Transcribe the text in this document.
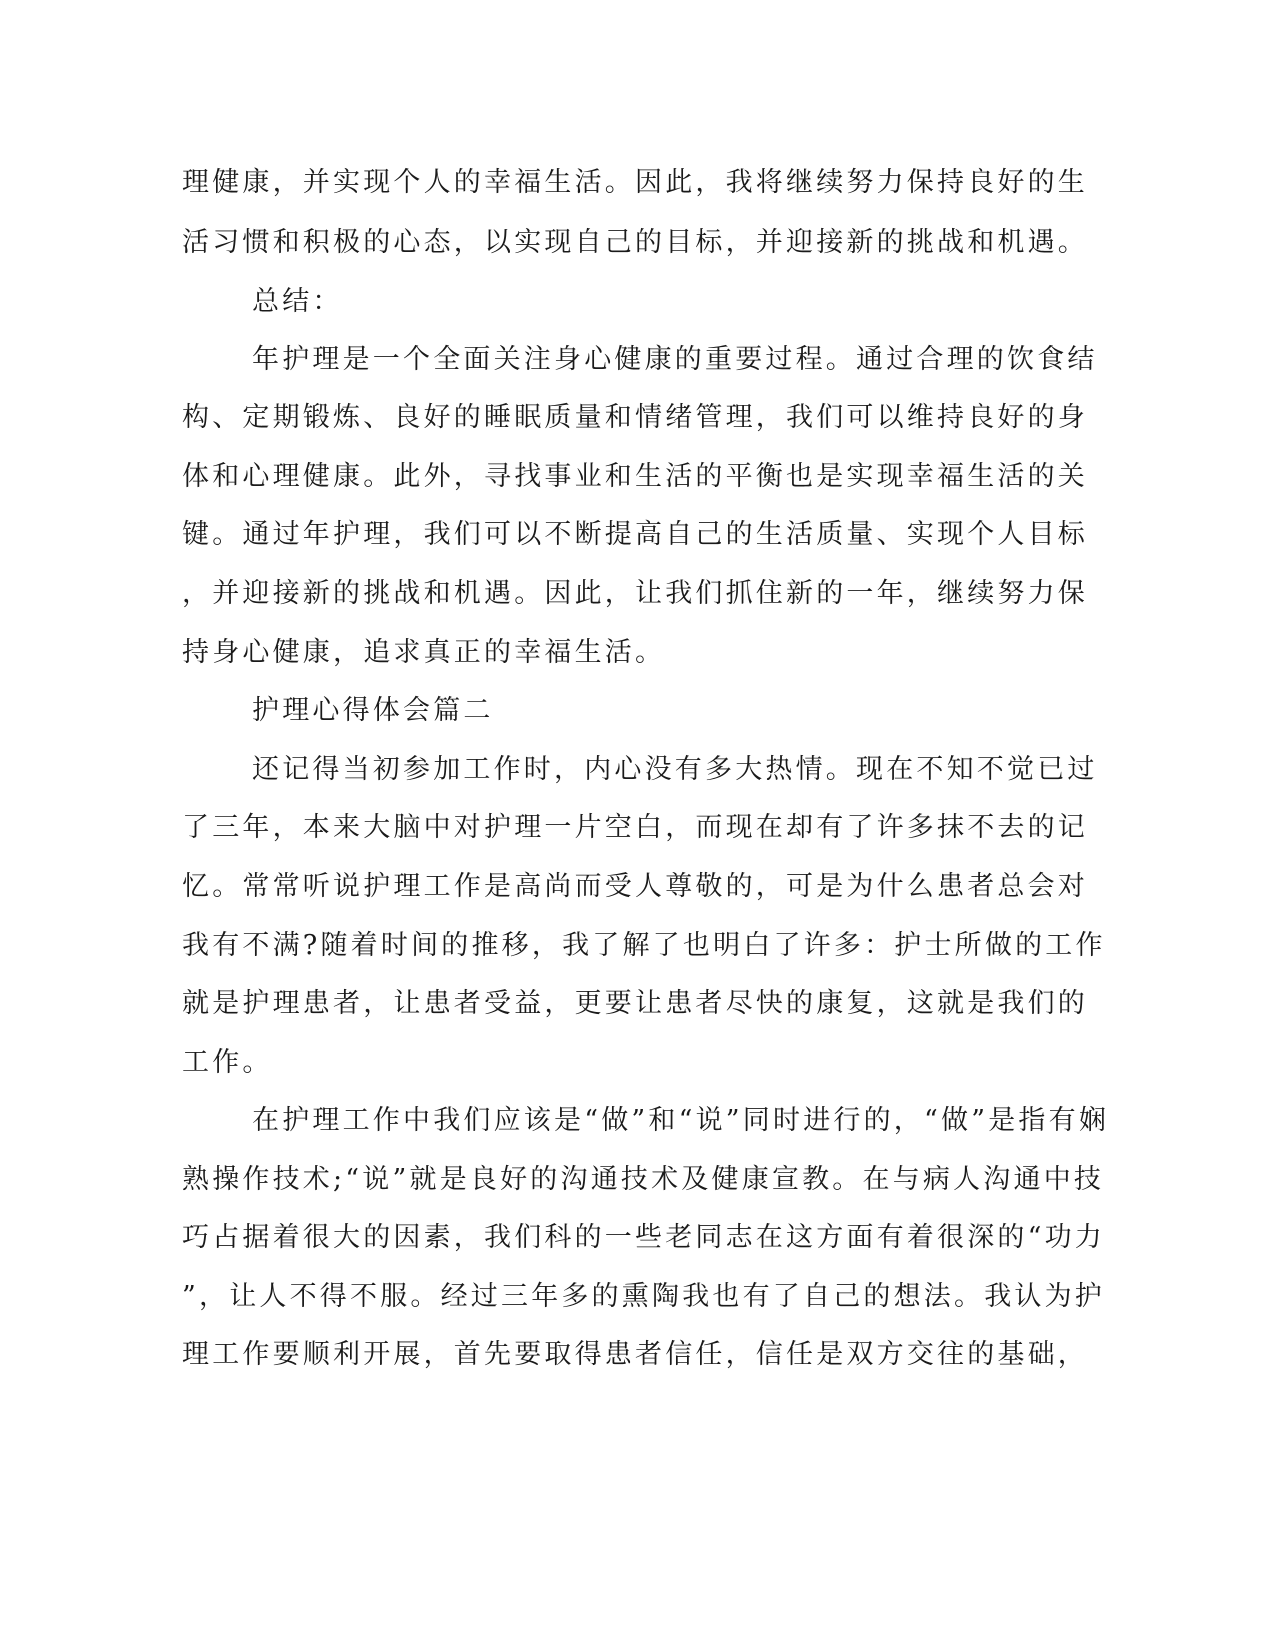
理健康，并实现个人的幸福生活。因此，我将继续努力保持良好的生
活习惯和积极的心态，以实现自己的目标，并迎接新的挑战和机遇。
总结：
年护理是一个全面关注身心健康的重要过程。通过合理的饮食结
构、定期锻炼、良好的睡眠质量和情绪管理，我们可以维持良好的身
体和心理健康。此外，寻找事业和生活的平衡也是实现幸福生活的关
键。通过年护理，我们可以不断提高自己的生活质量、实现个人目标
，并迎接新的挑战和机遇。因此，让我们抓住新的一年，继续努力保
持身心健康，追求真正的幸福生活。
护理心得体会篇二
还记得当初参加工作时，内心没有多大热情。现在不知不觉已过
了三年，本来大脑中对护理一片空白，而现在却有了许多抹不去的记
忆。常常听说护理工作是高尚而受人尊敬的，可是为什么患者总会对
我有不满?随着时间的推移，我了解了也明白了许多：护士所做的工作
就是护理患者，让患者受益，更要让患者尽快的康复，这就是我们的
工作。
在护理工作中我们应该是“做”和“说”同时进行的，“做”是指有娴
熟操作技术;“说”就是良好的沟通技术及健康宣教。在与病人沟通中技
巧占据着很大的因素，我们科的一些老同志在这方面有着很深的“功力
”，让人不得不服。经过三年多的熏陶我也有了自己的想法。我认为护
理工作要顺利开展，首先要取得患者信任，信任是双方交往的基础，
